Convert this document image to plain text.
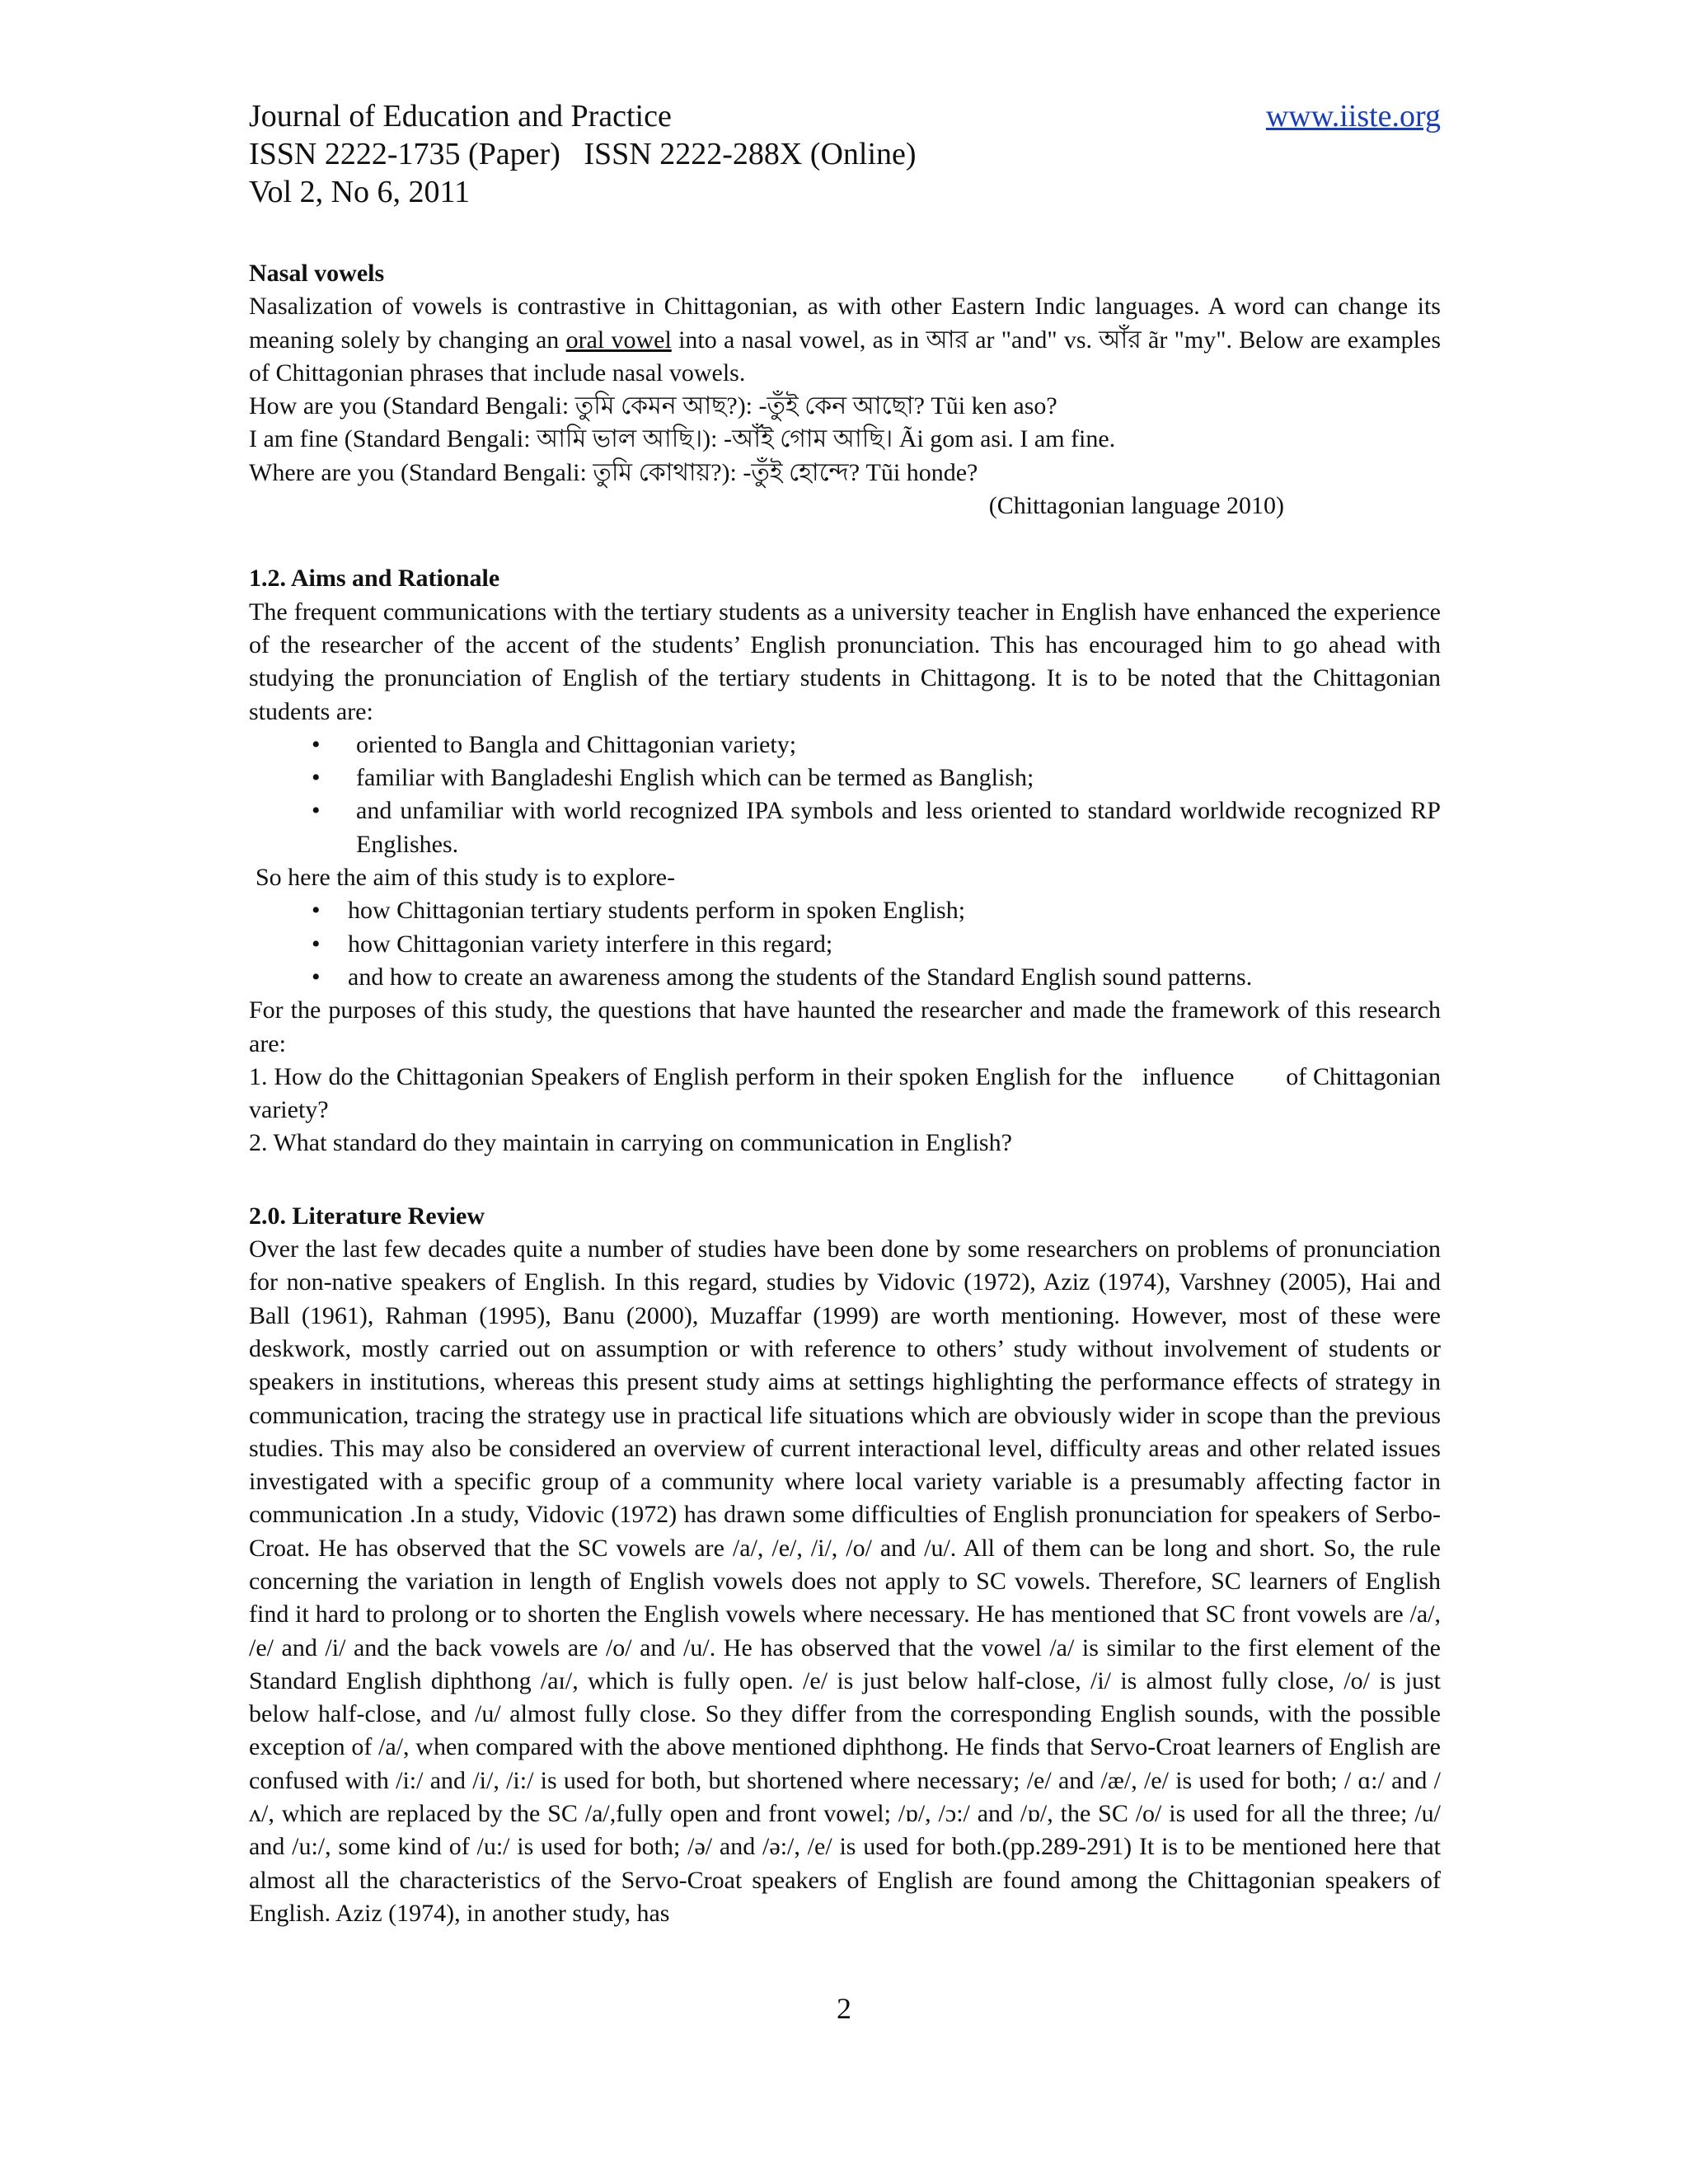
Journal of Education and Practice	www.iiste.org
ISSN 2222-1735 (Paper)   ISSN 2222-288X (Online)
Vol 2, No 6, 2011
Nasal vowels

Nasalization of vowels is contrastive in Chittagonian, as with other Eastern Indic languages. A word can change its meaning solely by changing an oral vowel into a nasal vowel, as in আর ar "and" vs. আঁর ãr "my". Below are examples of Chittagonian phrases that include nasal vowels.

How are you (Standard Bengali: তুমি কেমন আছ?): -তুঁই কেন আছো? Tũi ken aso?
I am fine (Standard Bengali: আমি ভাল আছি।): -আঁই গোম আছি। Ãi gom asi. I am fine.
Where are you (Standard Bengali: তুমি কোথায়?): -তুঁই হোন্দে? Tũi honde?
(Chittagonian language 2010)
1.2. Aims and Rationale

The frequent communications with the tertiary students as a university teacher in English have enhanced the experience of the researcher of the accent of the students’ English pronunciation. This has encouraged him to go ahead with studying the pronunciation of English of the tertiary students in Chittagong. It is to be noted that the Chittagonian students are:

• oriented to Bangla and Chittagonian variety;
• familiar with Bangladeshi English which can be termed as Banglish;
• and unfamiliar with world recognized IPA symbols and less oriented to standard worldwide recognized RP Englishes.
So here the aim of this study is to explore-
• how Chittagonian tertiary students perform in spoken English;
• how Chittagonian variety interfere in this regard;
• and how to create an awareness among the students of the Standard English sound patterns.

For the purposes of this study, the questions that have haunted the researcher and made the framework of this research are:

1. How do the Chittagonian Speakers of English perform in their spoken English for the   influence        of Chittagonian variety?

2. What standard do they maintain in carrying on communication in English?

2.0. Literature Review

Over the last few decades quite a number of studies have been done by some researchers on problems of pronunciation for non-native speakers of English. In this regard, studies by Vidovic (1972), Aziz (1974), Varshney (2005), Hai and Ball (1961), Rahman (1995), Banu (2000), Muzaffar (1999) are worth mentioning. However, most of these were deskwork, mostly carried out on assumption or with reference to others’ study without involvement of students or speakers in institutions, whereas this present study aims at settings highlighting the performance effects of strategy in communication, tracing the strategy use in practical life situations which are obviously wider in scope than the previous studies. This may also be considered an overview of current interactional level, difficulty areas and other related issues investigated with a specific group of a community where local variety variable is a presumably affecting factor in communication .In a study, Vidovic (1972) has drawn some difficulties of English pronunciation for speakers of Serbo-Croat. He has observed that the SC vowels are /a/, /e/, /i/, /o/ and /u/. All of them can be long and short. So, the rule concerning the variation in length of English vowels does not apply to SC vowels. Therefore, SC learners of English find it hard to prolong or to shorten the English vowels where necessary. He has mentioned that SC front vowels are /a/, /e/ and /i/ and the back vowels are /o/ and /u/. He has observed that the vowel /a/ is similar to the first element of the Standard English diphthong /aɪ/, which is fully open. /e/ is just below half-close, /i/ is almost fully close, /o/ is just below half-close, and /u/ almost fully close. So they differ from the corresponding English sounds, with the possible exception of /a/, when compared with the above mentioned diphthong. He finds that Servo-Croat learners of English are confused with /i:/ and /i/, /i:/ is used for both, but shortened where necessary; /e/ and /æ/, /e/ is used for both; / ɑ:/ and /ʌ/, which are replaced by the SC /a/,fully open and front vowel; /ɒ/, /ɔ:/ and /ɒ/, the SC /o/ is used for all the three; /u/ and /u:/, some kind of /u:/ is used for both; /ə/ and /ə:/, /e/ is used for both.(pp.289-291) It is to be mentioned here that almost all the characteristics of the Servo-Croat speakers of English are found among the Chittagonian speakers of English. Aziz (1974), in another study, has

2
